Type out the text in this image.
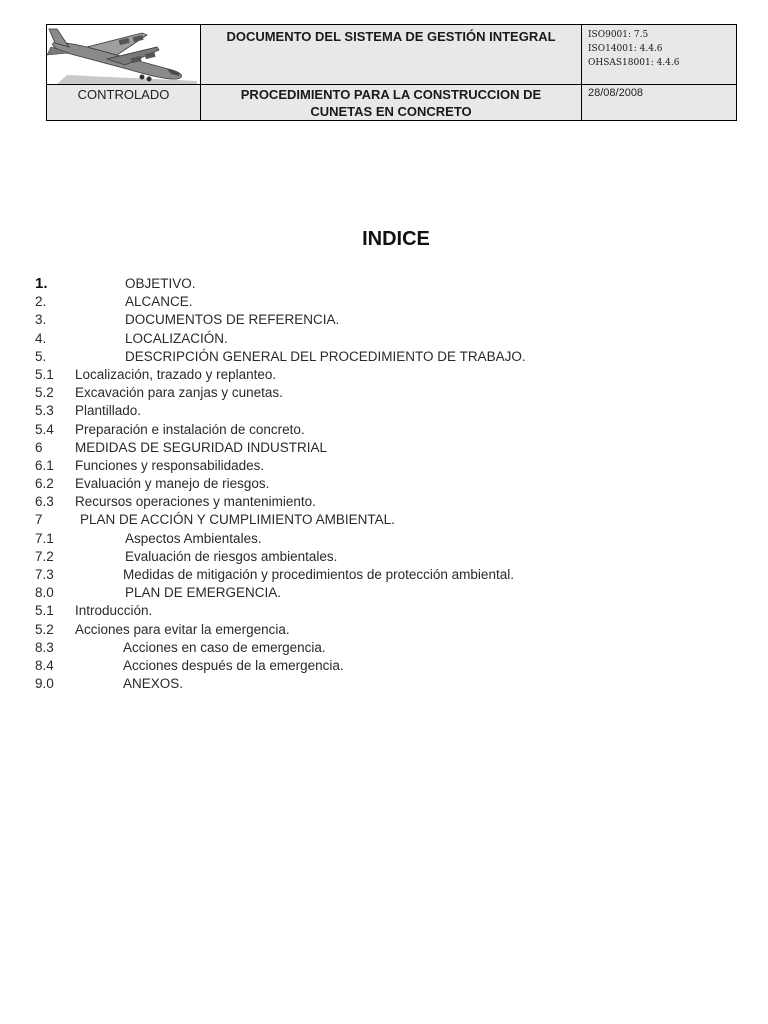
	DOCUMENTO DEL SISTEMA DE GESTIÓN INTEGRAL	ISO9001: 7.5
ISO14001: 4.4.6
OHSAS18001: 4.4.6

CONTROLADO	PROCEDIMIENTO PARA LA CONSTRUCCION DE CUNETAS EN CONCRETO	28/08/2008
INDICE
1.	OBJETIVO.
2.	ALCANCE.
3.	DOCUMENTOS DE REFERENCIA.
4.	LOCALIZACIÓN.
5.	DESCRIPCIÓN GENERAL DEL PROCEDIMIENTO DE TRABAJO.
5.1 Localización, trazado y replanteo.
5.2 Excavación para zanjas y cunetas.
5.3 Plantillado.
5.4 Preparación e instalación de concreto.
6 MEDIDAS DE SEGURIDAD INDUSTRIAL
6.1 Funciones y responsabilidades.
6.2 Evaluación y manejo de riesgos.
6.3 Recursos operaciones y mantenimiento.
7	PLAN DE ACCIÓN Y CUMPLIMIENTO AMBIENTAL.
7.1	Aspectos Ambientales.
7.2	Evaluación de riesgos ambientales.
7.3	Medidas de mitigación y procedimientos de protección ambiental.
8.0	PLAN DE EMERGENCIA.
5.1 Introducción.
5.2 Acciones para evitar la emergencia.
8.3	Acciones en caso de emergencia.
8.4	Acciones después de la emergencia.
9.0	ANEXOS.
